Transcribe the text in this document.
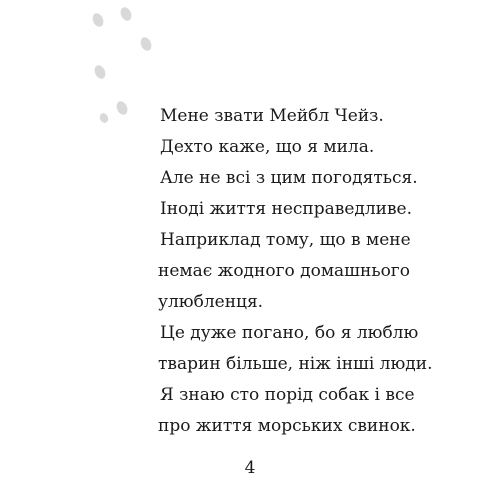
Мене звати Мейбл Чейз.

Дехто каже, що я мила.

Але не всі з цим погодяться.

Іноді життя несправедливе.

Наприклад тому, що в мене

немає жодного домашнього

улюбленця.

Це дуже погано, бо я люблю

тварин більше, ніж інші люди.

Я знаю сто порід собак і все

про життя морських свинок.

4
